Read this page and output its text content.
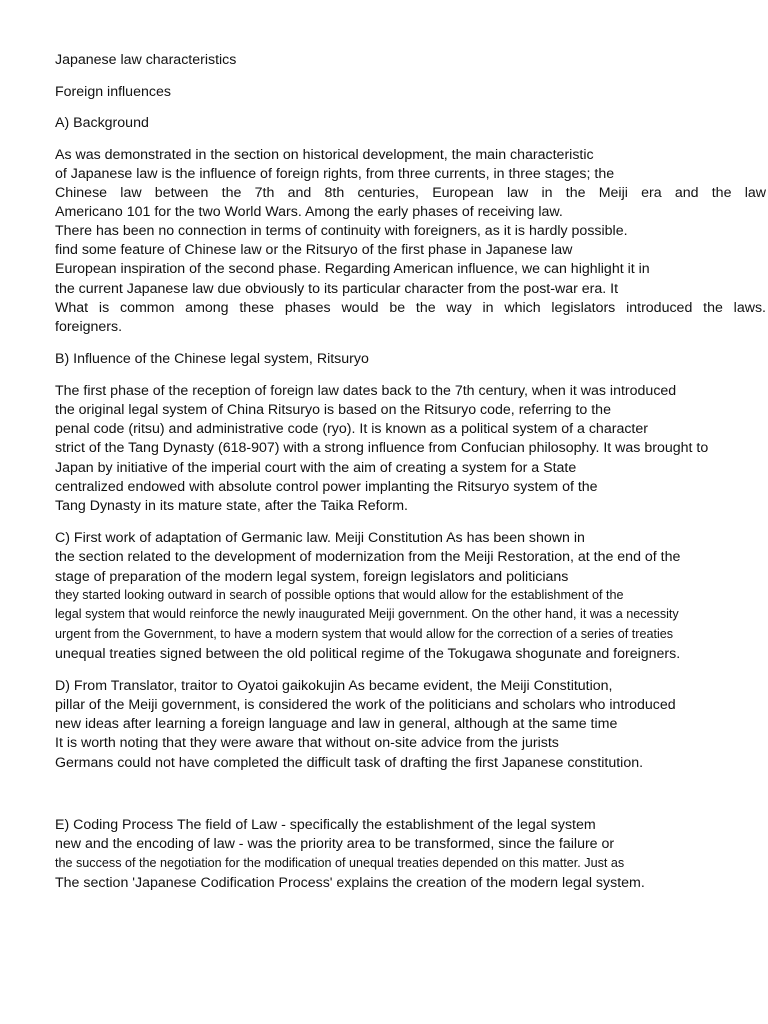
Japanese law characteristics
Foreign influences
A) Background
As was demonstrated in the section on historical development, the main characteristic
of Japanese law is the influence of foreign rights, from three currents, in three stages; the
Chinese law between the 7th and 8th centuries, European law in the Meiji era and the law
Americano 101 for the two World Wars. Among the early phases of receiving law.
There has been no connection in terms of continuity with foreigners, as it is hardly possible.
find some feature of Chinese law or the Ritsuryo of the first phase in Japanese law
European inspiration of the second phase. Regarding American influence, we can highlight it in
the current Japanese law due obviously to its particular character from the post-war era. It
What is common among these phases would be the way in which legislators introduced the laws.
foreigners.
B) Influence of the Chinese legal system, Ritsuryo
The first phase of the reception of foreign law dates back to the 7th century, when it was introduced
the original legal system of China Ritsuryo is based on the Ritsuryo code, referring to the
penal code (ritsu) and administrative code (ryo). It is known as a political system of a character
strict of the Tang Dynasty (618-907) with a strong influence from Confucian philosophy. It was brought to
Japan by initiative of the imperial court with the aim of creating a system for a State
centralized endowed with absolute control power implanting the Ritsuryo system of the
Tang Dynasty in its mature state, after the Taika Reform.
C) First work of adaptation of Germanic law. Meiji Constitution As has been shown in
the section related to the development of modernization from the Meiji Restoration, at the end of the
stage of preparation of the modern legal system, foreign legislators and politicians
they started looking outward in search of possible options that would allow for the establishment of the
legal system that would reinforce the newly inaugurated Meiji government. On the other hand, it was a necessity
urgent from the Government, to have a modern system that would allow for the correction of a series of treaties
unequal treaties signed between the old political regime of the Tokugawa shogunate and foreigners.
D) From Translator, traitor to Oyatoi gaikokujin As became evident, the Meiji Constitution,
pillar of the Meiji government, is considered the work of the politicians and scholars who introduced
new ideas after learning a foreign language and law in general, although at the same time
It is worth noting that they were aware that without on-site advice from the jurists
Germans could not have completed the difficult task of drafting the first Japanese constitution.
E) Coding Process The field of Law - specifically the establishment of the legal system
new and the encoding of law - was the priority area to be transformed, since the failure or
the success of the negotiation for the modification of unequal treaties depended on this matter. Just as
The section 'Japanese Codification Process' explains the creation of the modern legal system.
